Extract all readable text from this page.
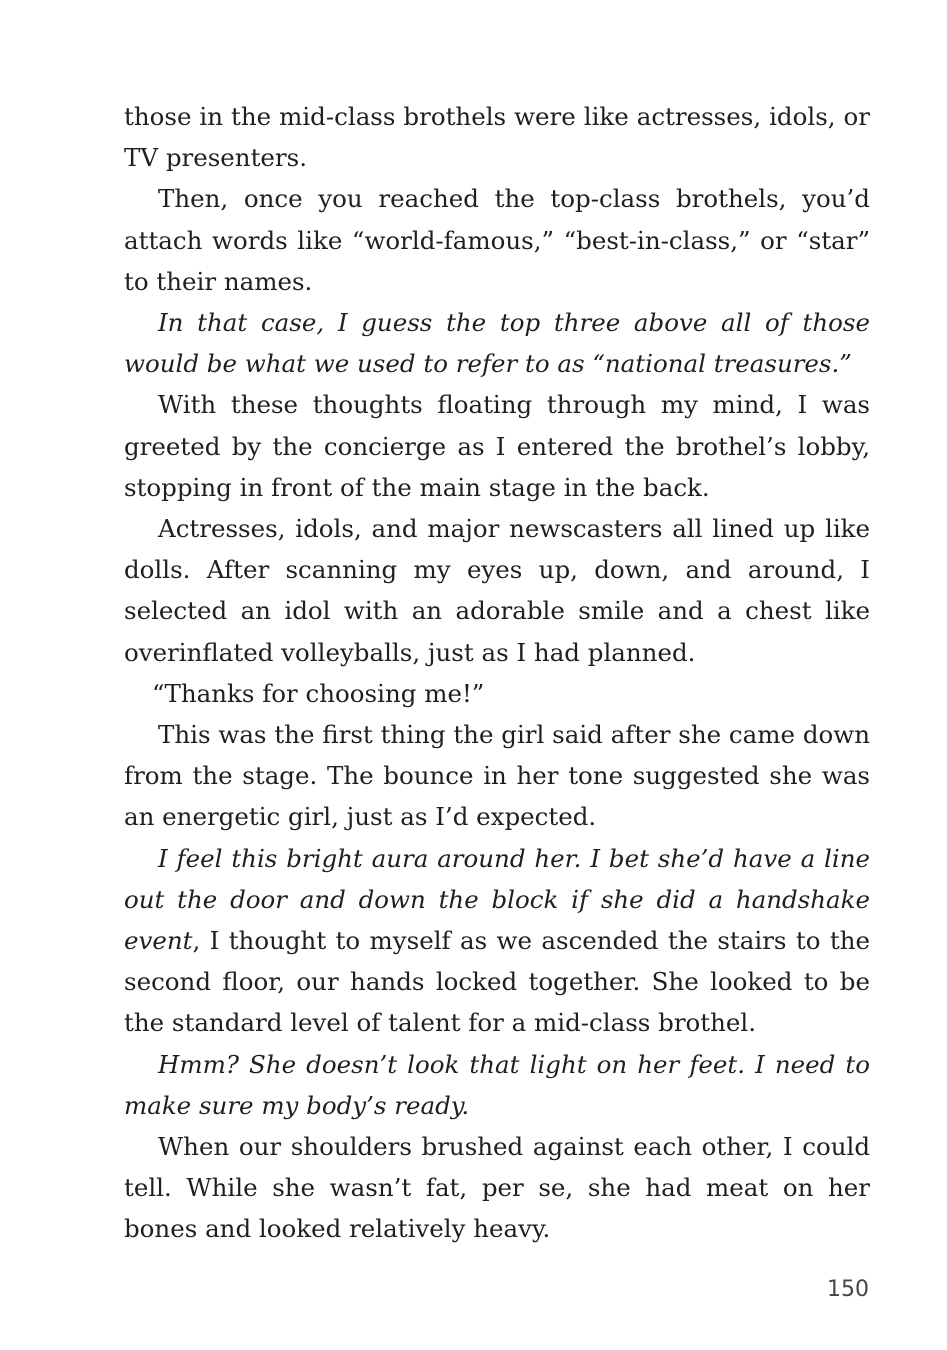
those in the mid-class brothels were like actresses, idols, or TV presenters.

Then, once you reached the top-class brothels, you’d attach words like “world-famous,” “best-in-class,” or “star” to their names.

In that case, I guess the top three above all of those would be what we used to refer to as “national treasures.”

With these thoughts floating through my mind, I was greeted by the concierge as I entered the brothel’s lobby, stopping in front of the main stage in the back.

Actresses, idols, and major newscasters all lined up like dolls. After scanning my eyes up, down, and around, I selected an idol with an adorable smile and a chest like overinflated volleyballs, just as I had planned.

“Thanks for choosing me!”

This was the first thing the girl said after she came down from the stage. The bounce in her tone suggested she was an energetic girl, just as I’d expected.

I feel this bright aura around her. I bet she’d have a line out the door and down the block if she did a handshake event, I thought to myself as we ascended the stairs to the second floor, our hands locked together. She looked to be the standard level of talent for a mid-class brothel.

Hmm? She doesn’t look that light on her feet. I need to make sure my body’s ready.

When our shoulders brushed against each other, I could tell. While she wasn’t fat, per se, she had meat on her bones and looked relatively heavy.

150
